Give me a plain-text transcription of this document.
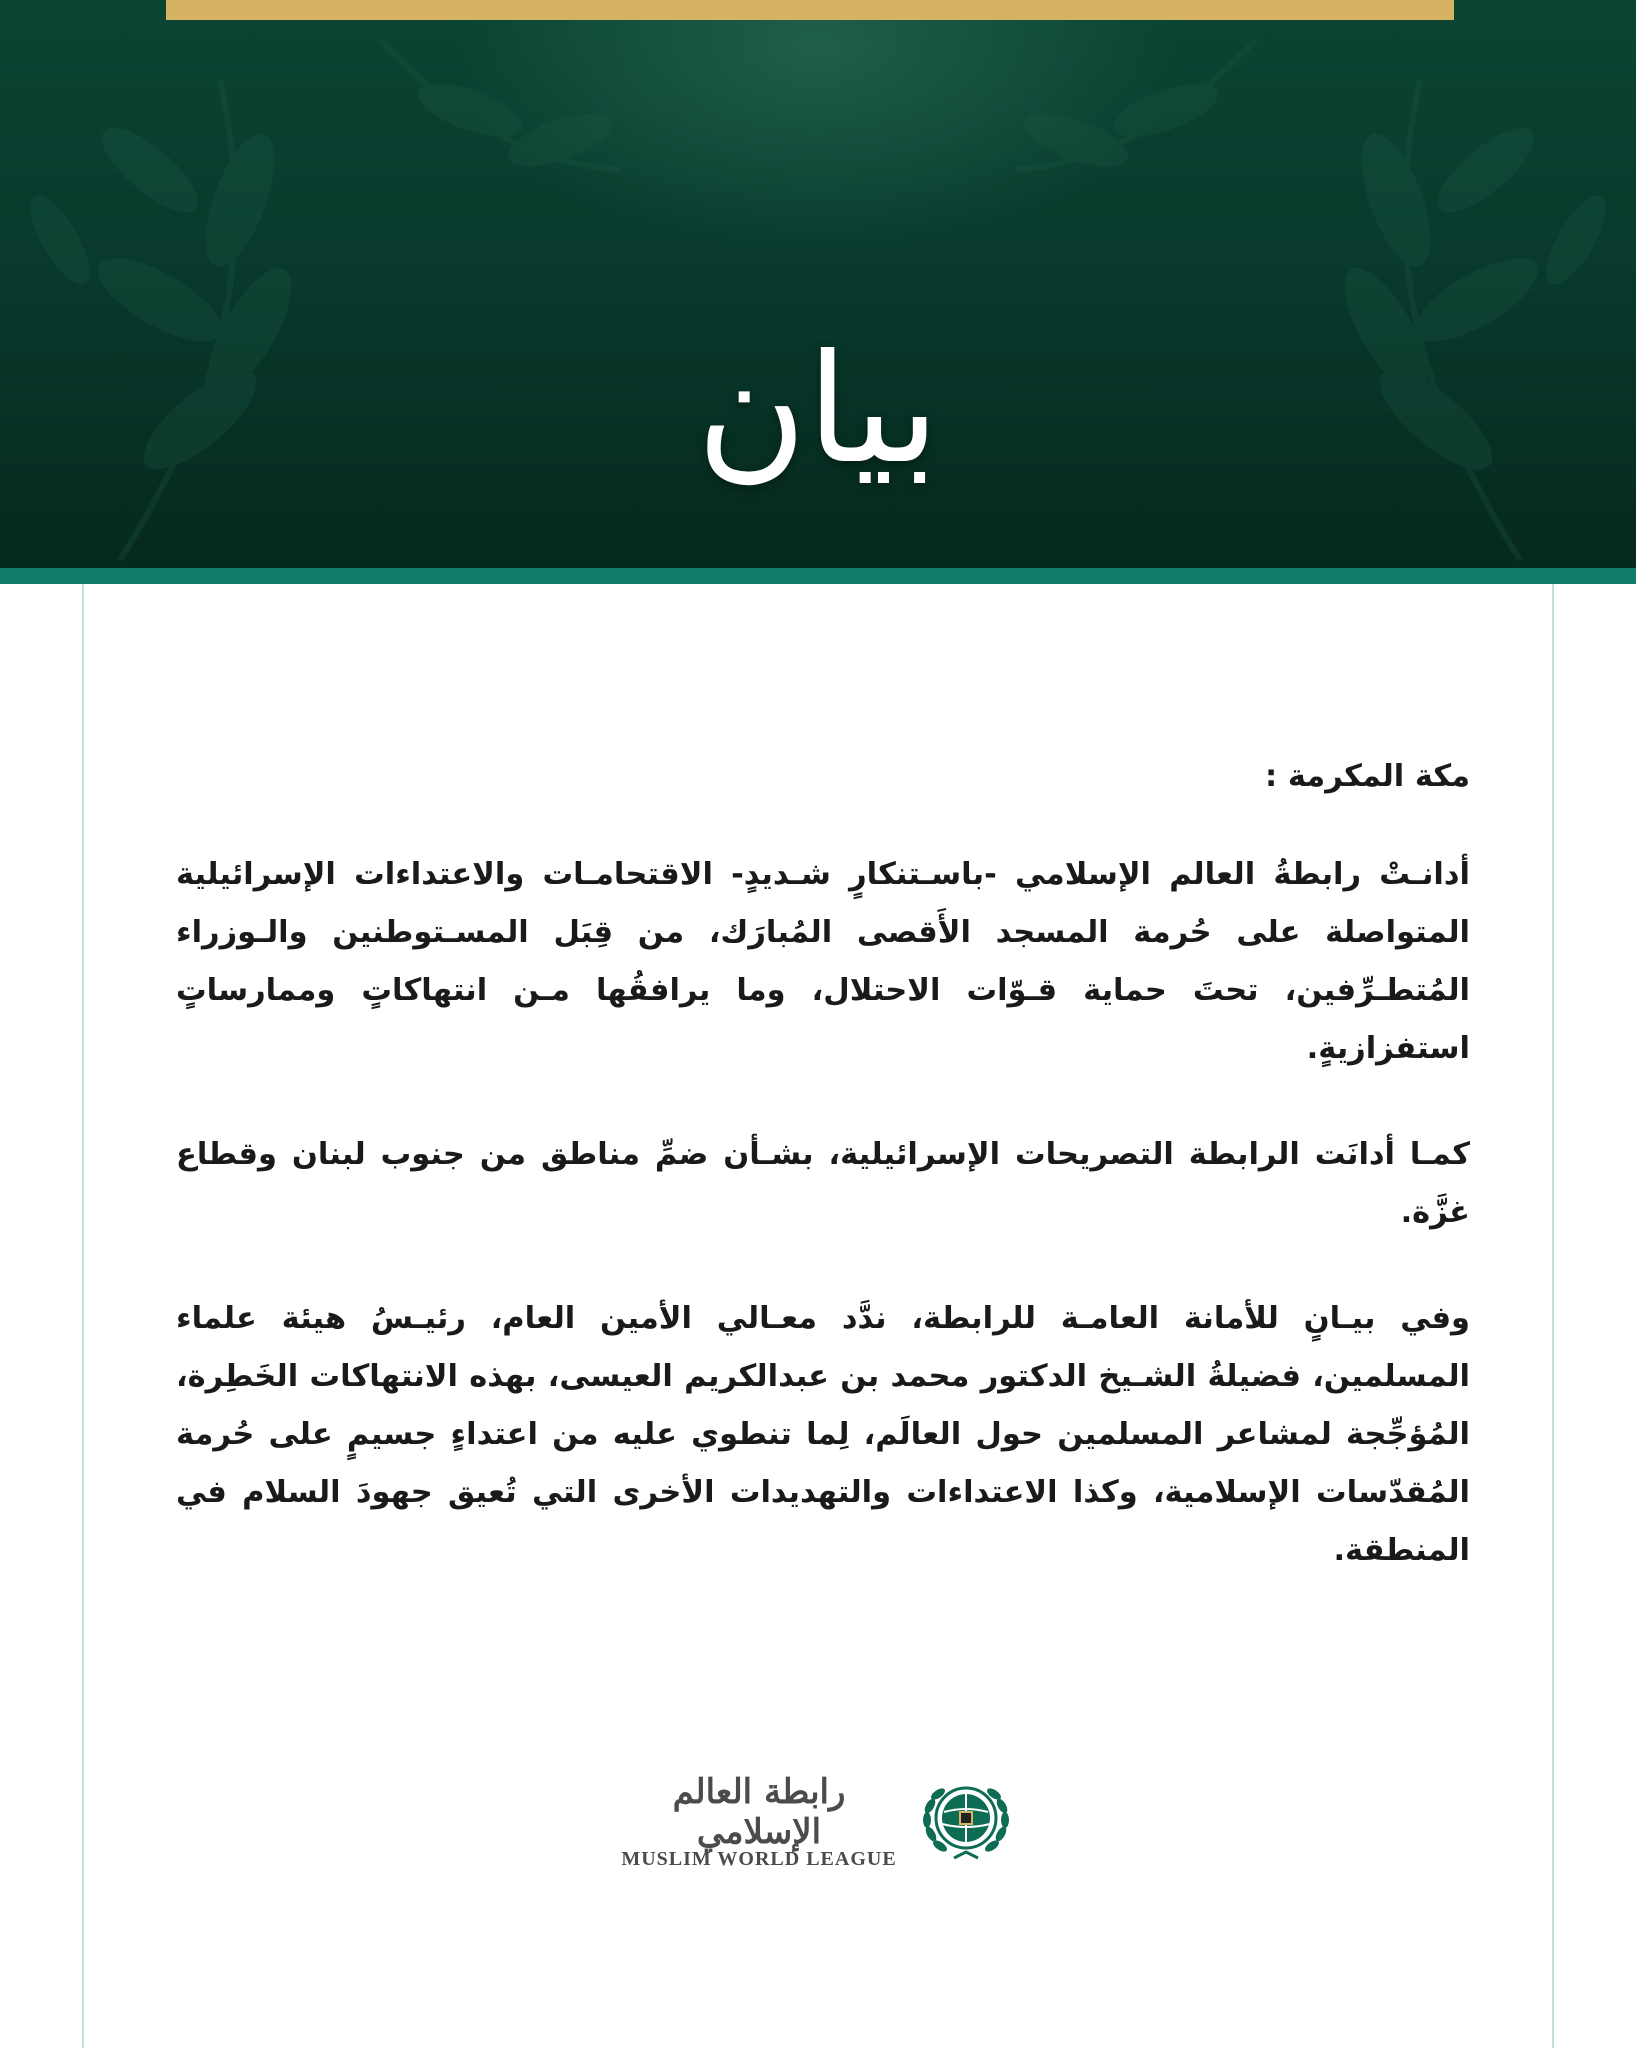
بيان

مكة المكرمة :

أدانـتْ رابطةُ العالم الإسلامي -باسـتنكارٍ شـديدٍ- الاقتحامـات والاعتداءات الإسرائيلية المتواصلة على حُرمة المسجد الأَقصى المُبارَك، من قِبَل المسـتوطنين والـوزراء المُتطـرِّفين، تحتَ حماية قـوّات الاحتلال، وما يرافقُها مـن انتهاكاتٍ وممارساتٍ استفزازيةٍ.

كمـا أدانَت الرابطة التصريحات الإسرائيلية، بشـأن ضمِّ مناطق من جنوب لبنان وقطاع غزَّة.

وفي بيـانٍ للأمانة العامـة للرابطة، ندَّد معـالي الأمين العام، رئيـسُ هيئة علماء المسلمين، فضيلةُ الشـيخ الدكتور محمد بن عبدالكريم العيسى، بهذه الانتهاكات الخَطِرة، المُؤجِّجة لمشاعر المسلمين حول العالَم، لِما تنطوي عليه من اعتداءٍ جسيمٍ على حُرمة المُقدّسات الإسلامية، وكذا الاعتداءات والتهديدات الأخرى التي تُعيق جهودَ السلام في المنطقة.

رابطة العالم الإسلامي
MUSLIM WORLD LEAGUE
